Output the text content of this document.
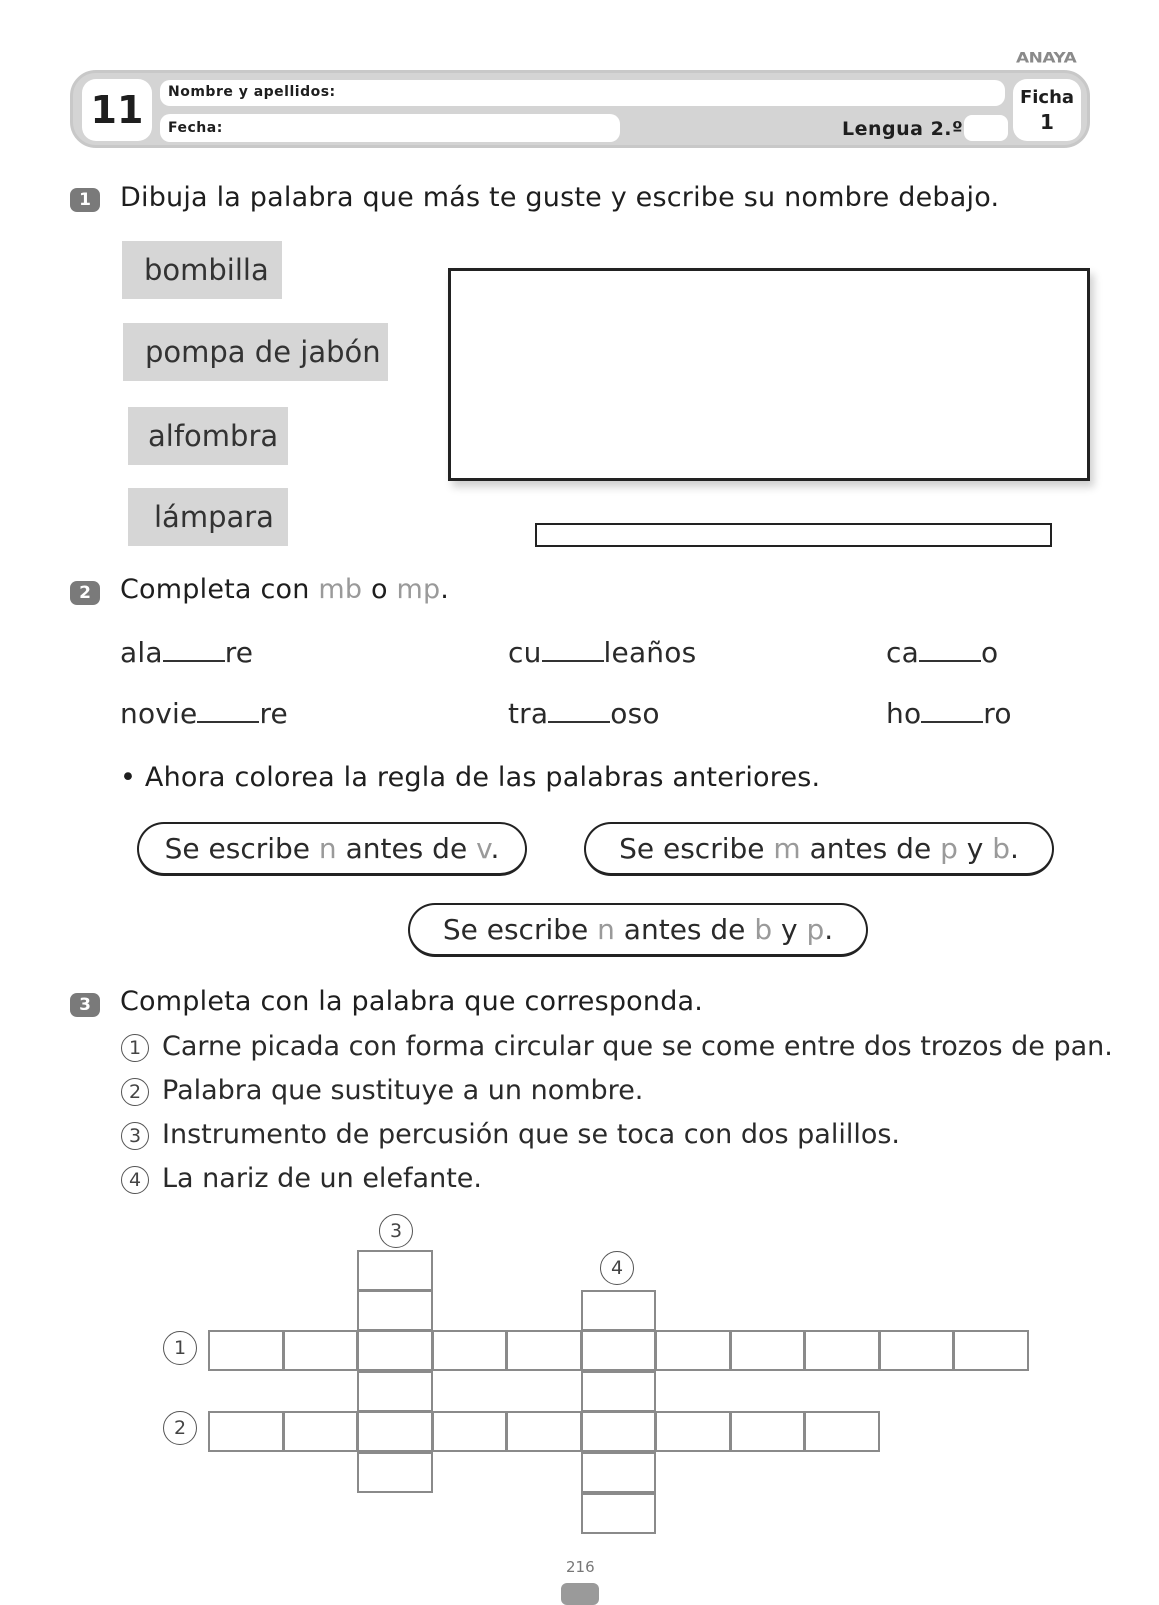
ANAYA
11	Nombre y apellidos:
Fecha:	Lengua 2.º
Ficha
1
1	Dibuja la palabra que más te guste y escribe su nombre debajo.
bombilla
pompa de jabón
alfombra
lámpara
2	Completa con mb o mp.
ala re	cu leaños	ca o
novie re	tra oso	ho ro
• Ahora colorea la regla de las palabras anteriores.
Se escribe n antes de v.	Se escribe m antes de p y b.
Se escribe n antes de b y p.
3	Completa con la palabra que corresponda.
1 Carne picada con forma circular que se come entre dos trozos de pan.
2 Palabra que sustituye a un nombre.
3 Instrumento de percusión que se toca con dos palillos.
4 La nariz de un elefante.
3
4
1
2
216
